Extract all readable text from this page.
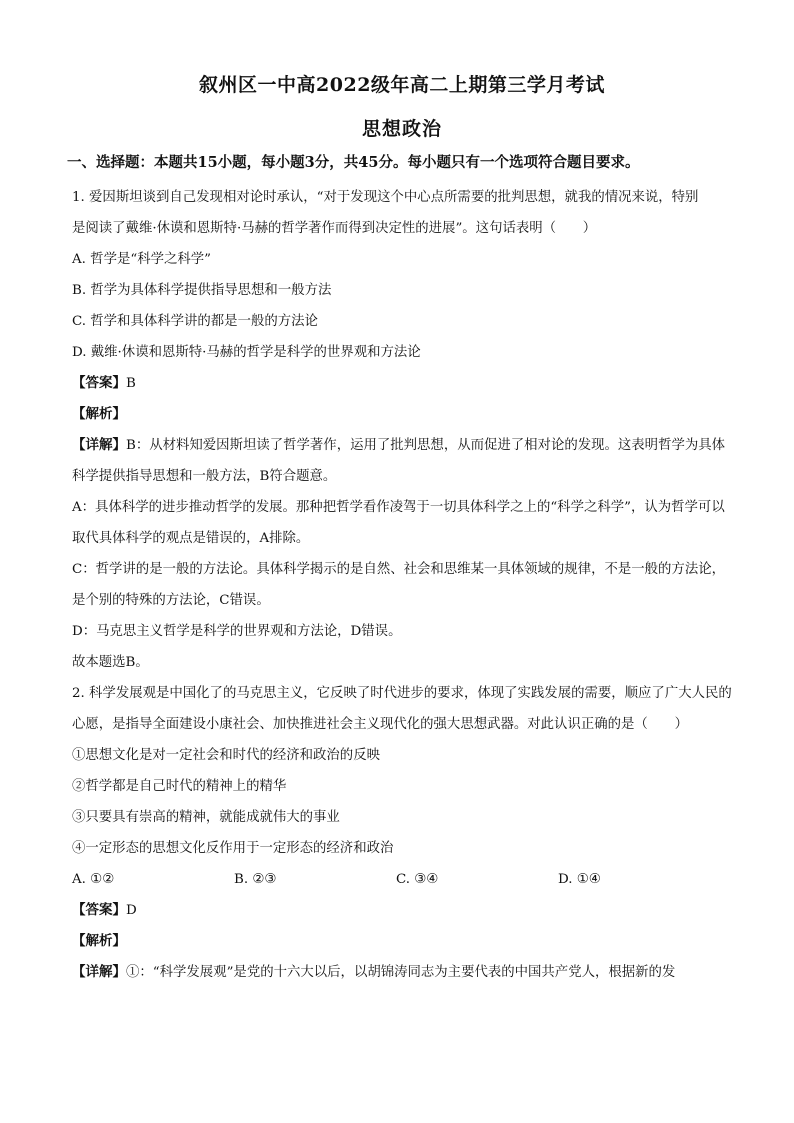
叙州区一中高2022级年高二上期第三学月考试
思想政治
一、选择题：本题共15小题，每小题3分，共45分。每小题只有一个选项符合题目要求。

1. 爱因斯坦谈到自己发现相对论时承认，“对于发现这个中心点所需要的批判思想，就我的情况来说，特别

是阅读了戴维·休谟和恩斯特·马赫的哲学著作而得到决定性的进展”。这句话表明（　　）

A. 哲学是“科学之科学”

B. 哲学为具体科学提供指导思想和一般方法

C. 哲学和具体科学讲的都是一般的方法论

D. 戴维·休谟和恩斯特·马赫的哲学是科学的世界观和方法论

【答案】B

【解析】

【详解】B：从材料知爱因斯坦读了哲学著作，运用了批判思想，从而促进了相对论的发现。这表明哲学为具体科学提供指导思想和一般方法，B符合题意。

A：具体科学的进步推动哲学的发展。那种把哲学看作凌驾于一切具体科学之上的“科学之科学”，认为哲学可以取代具体科学的观点是错误的，A排除。

C：哲学讲的是一般的方法论。具体科学揭示的是自然、社会和思维某一具体领域的规律，不是一般的方法论，是个别的特殊的方法论，C错误。

D：马克思主义哲学是科学的世界观和方法论，D错误。

故本题选B。

2. 科学发展观是中国化了的马克思主义，它反映了时代进步的要求，体现了实践发展的需要，顺应了广大人民的心愿，是指导全面建设小康社会、加快推进社会主义现代化的强大思想武器。对此认识正确的是（　　）

①思想文化是对一定社会和时代的经济和政治的反映

②哲学都是自己时代的精神上的精华

③只要具有崇高的精神，就能成就伟大的事业

④一定形态的思想文化反作用于一定形态的经济和政治

A. ①②	B. ②③	C. ③④	D. ①④

【答案】D

【解析】

【详解】①：“科学发展观”是党的十六大以后，以胡锦涛同志为主要代表的中国共产党人，根据新的发
